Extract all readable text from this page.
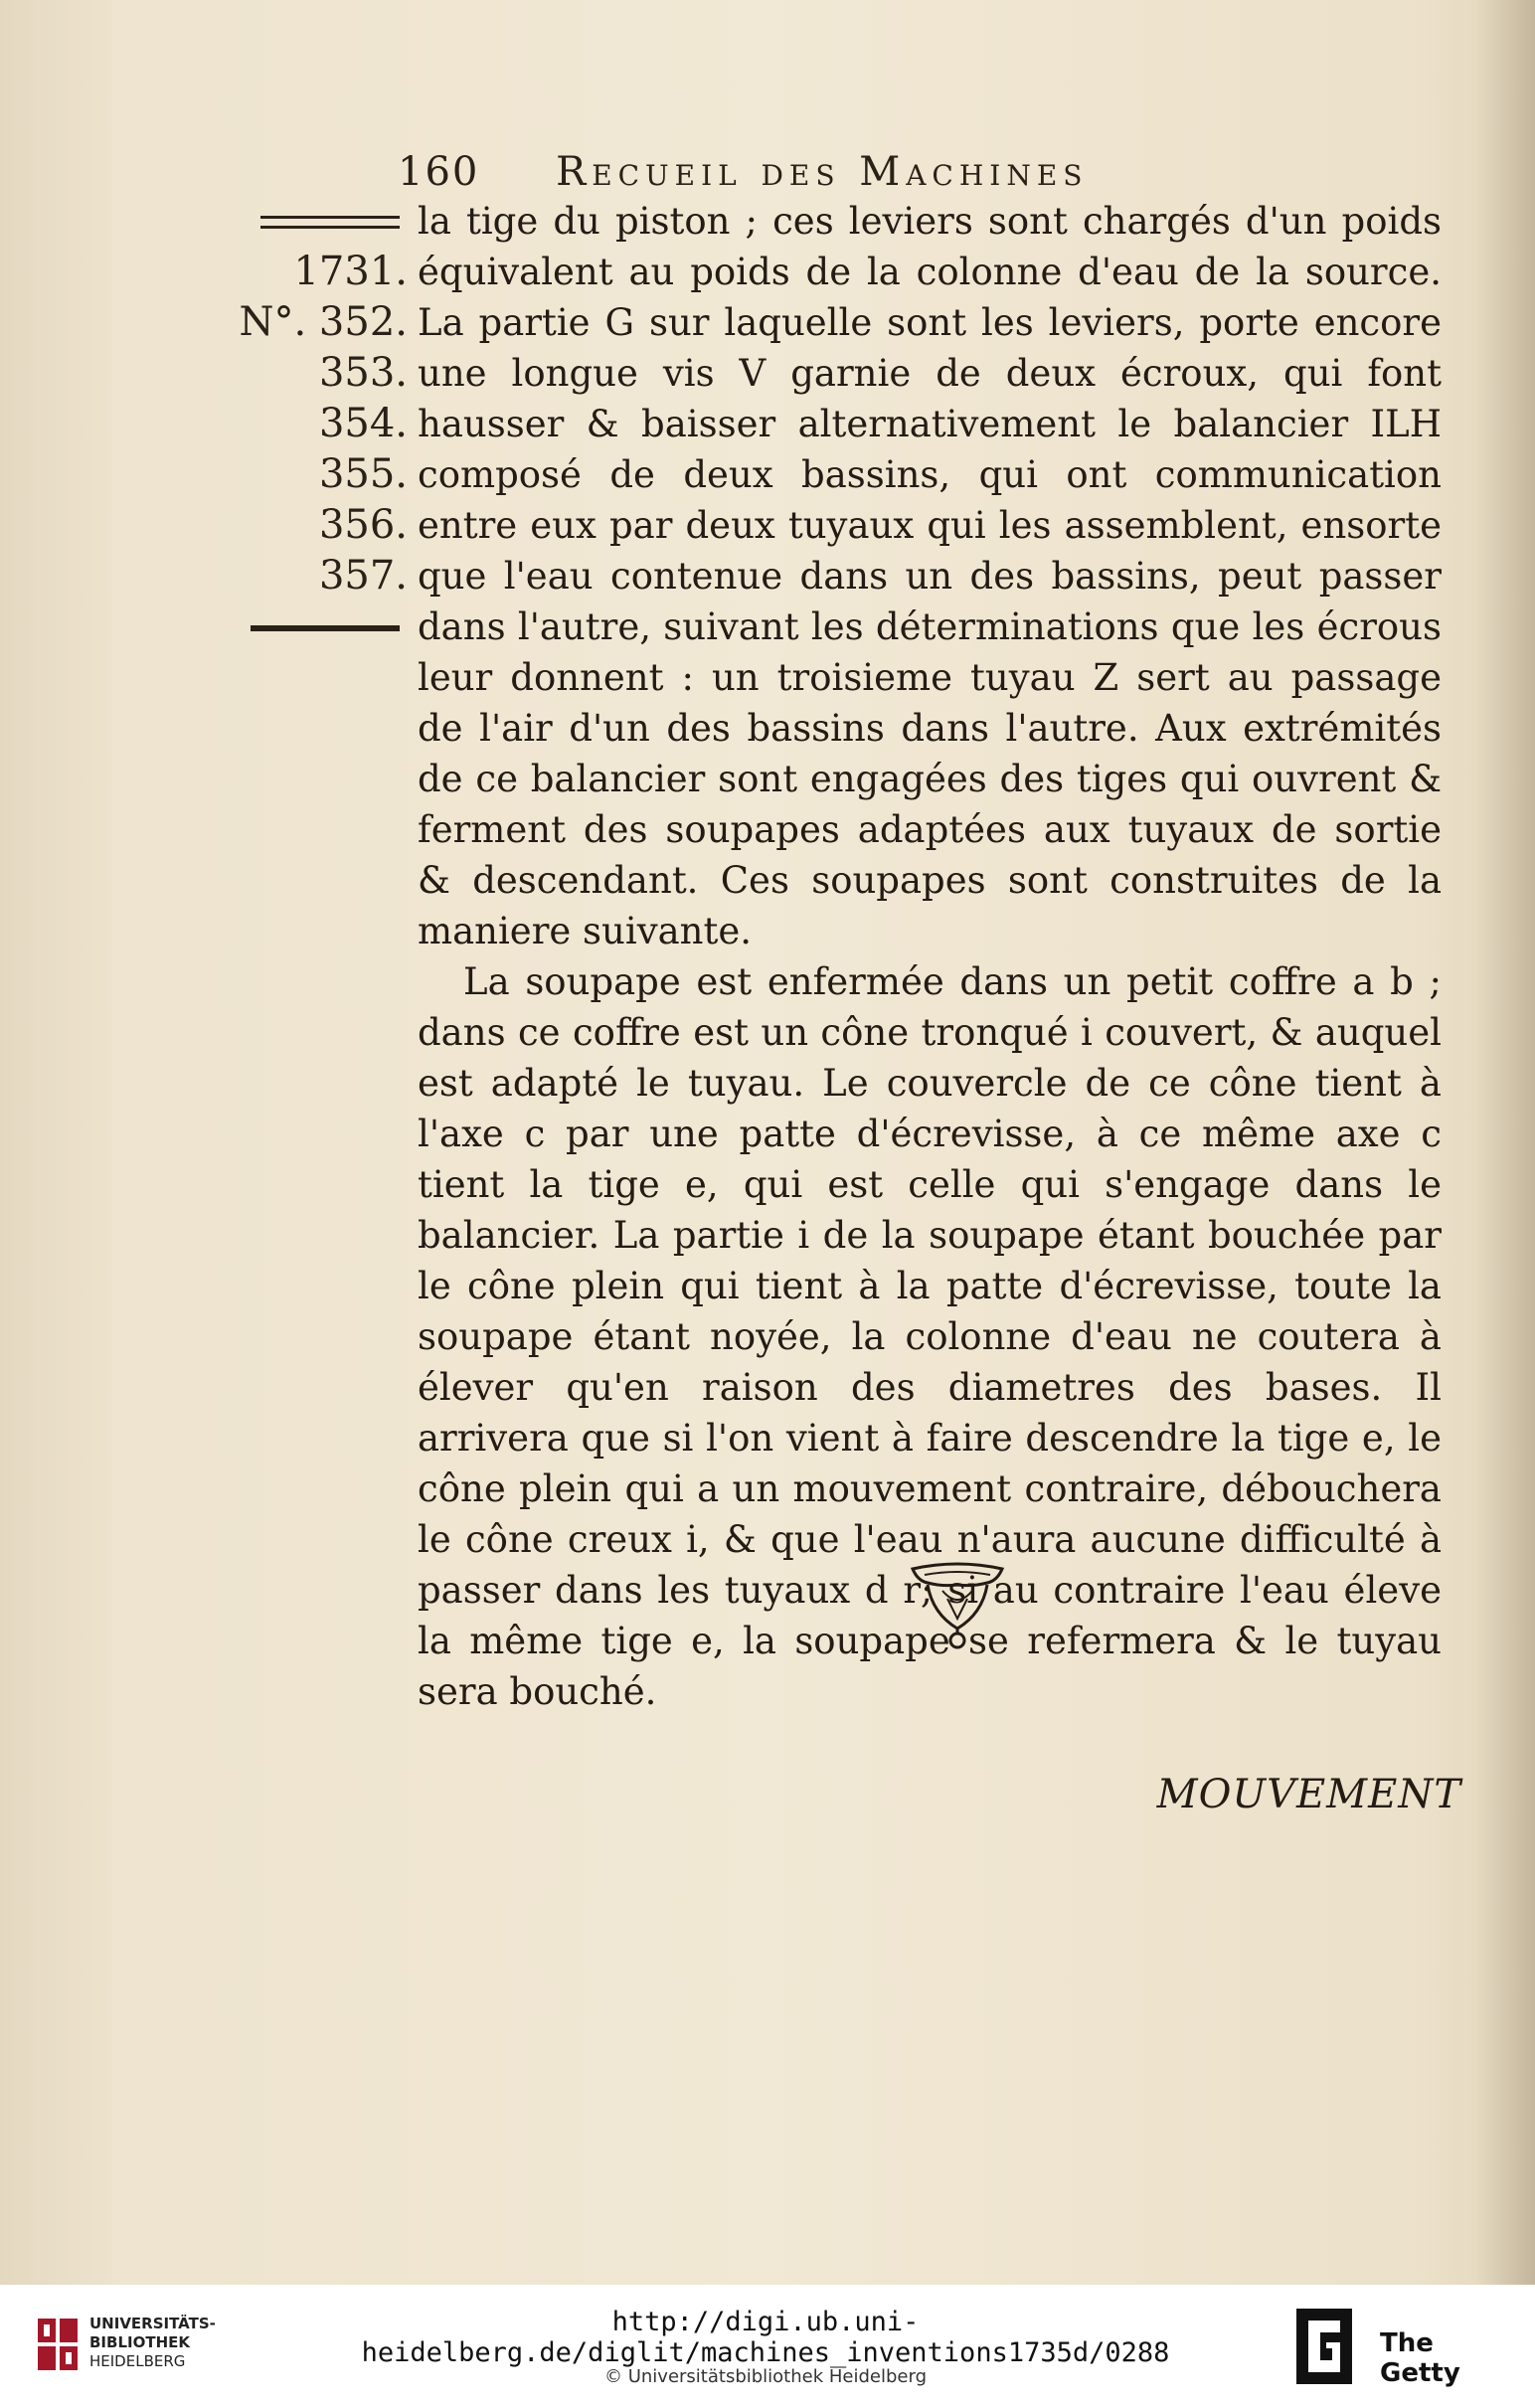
160 Recueil des Machines
1731.
N°. 352.
353.
354.
355.
356.
357.

la tige du piston ; ces leviers sont chargés d'un poids équivalent au poids de la colonne d'eau de la source. La partie G sur laquelle sont les leviers, porte encore une longue vis V garnie de deux écroux, qui font hausser & baisser alternativement le balancier ILH composé de deux bassins, qui ont communication entre eux par deux tuyaux qui les assemblent, ensorte que l'eau contenue dans un des bassins, peut passer dans l'autre, suivant les déterminations que les écrous leur donnent : un troisieme tuyau Z sert au passage de l'air d'un des bassins dans l'autre. Aux extrémités de ce balancier sont engagées des tiges qui ouvrent & ferment des soupapes adaptées aux tuyaux de sortie & descendant. Ces soupapes sont construites de la maniere suivante.

La soupape est enfermée dans un petit coffre a b ; dans ce coffre est un cône tronqué i couvert, & auquel est adapté le tuyau. Le couvercle de ce cône tient à l'axe c par une patte d'écrevisse, à ce même axe c tient la tige e, qui est celle qui s'engage dans le balancier. La partie i de la soupape étant bouchée par le cône plein qui tient à la patte d'écrevisse, toute la soupape étant noyée, la colonne d'eau ne coutera à élever qu'en raison des diametres des bases. Il arrivera que si l'on vient à faire descendre la tige e, le cône plein qui a un mouvement contraire, débouchera le cône creux i, & que l'eau n'aura aucune difficulté à passer dans les tuyaux d r; si au contraire l'eau éleve la même tige e, la soupape se refermera & le tuyau sera bouché.

MOUVEMENT
UNIVERSITÄTS-
BIBLIOTHEK
HEIDELBERG
http://digi.ub.uni-heidelberg.de/diglit/machines_inventions1735d/0288
© Universitätsbibliothek Heidelberg
The Getty
